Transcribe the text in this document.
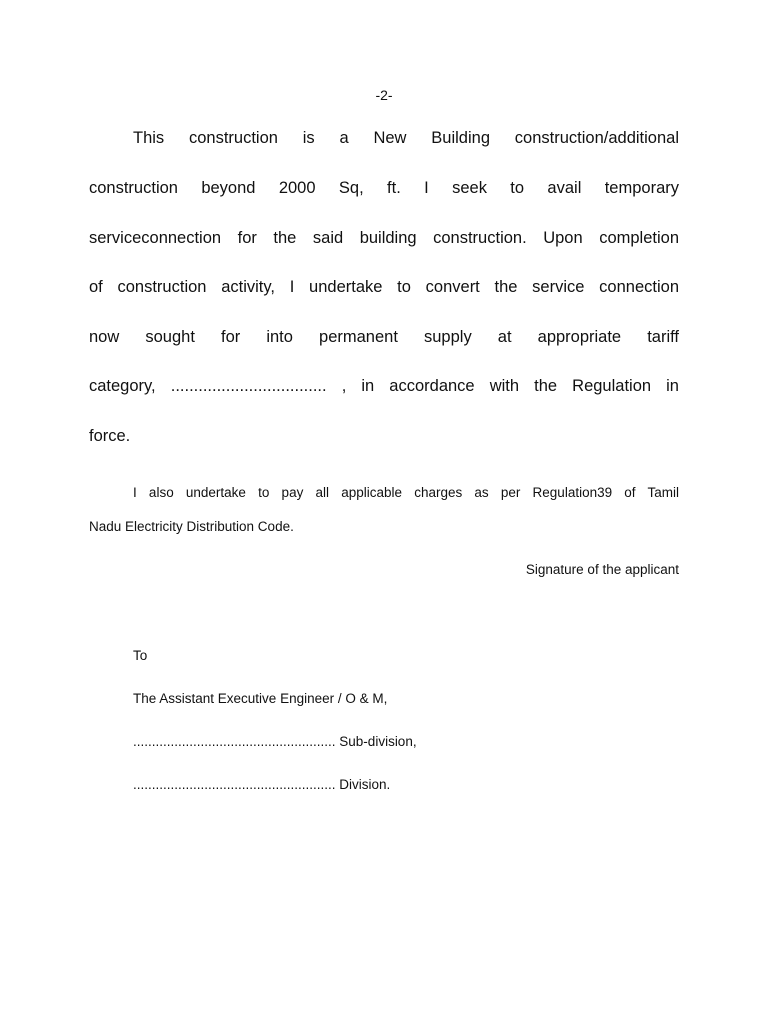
-2-
This construction is a New Building construction/additional
construction beyond 2000 Sq, ft. I seek to avail temporary
serviceconnection for the said building construction. Upon completion
of construction activity, I undertake to convert the service connection
now sought for into permanent supply at appropriate tariff
category, .................................. , in accordance with the Regulation in
force.
I also undertake to pay all applicable charges as per Regulation39 of Tamil
Nadu Electricity Distribution Code.
Signature of the applicant
To
The Assistant Executive Engineer / O & M,
...................................................... Sub-division,
...................................................... Division.
